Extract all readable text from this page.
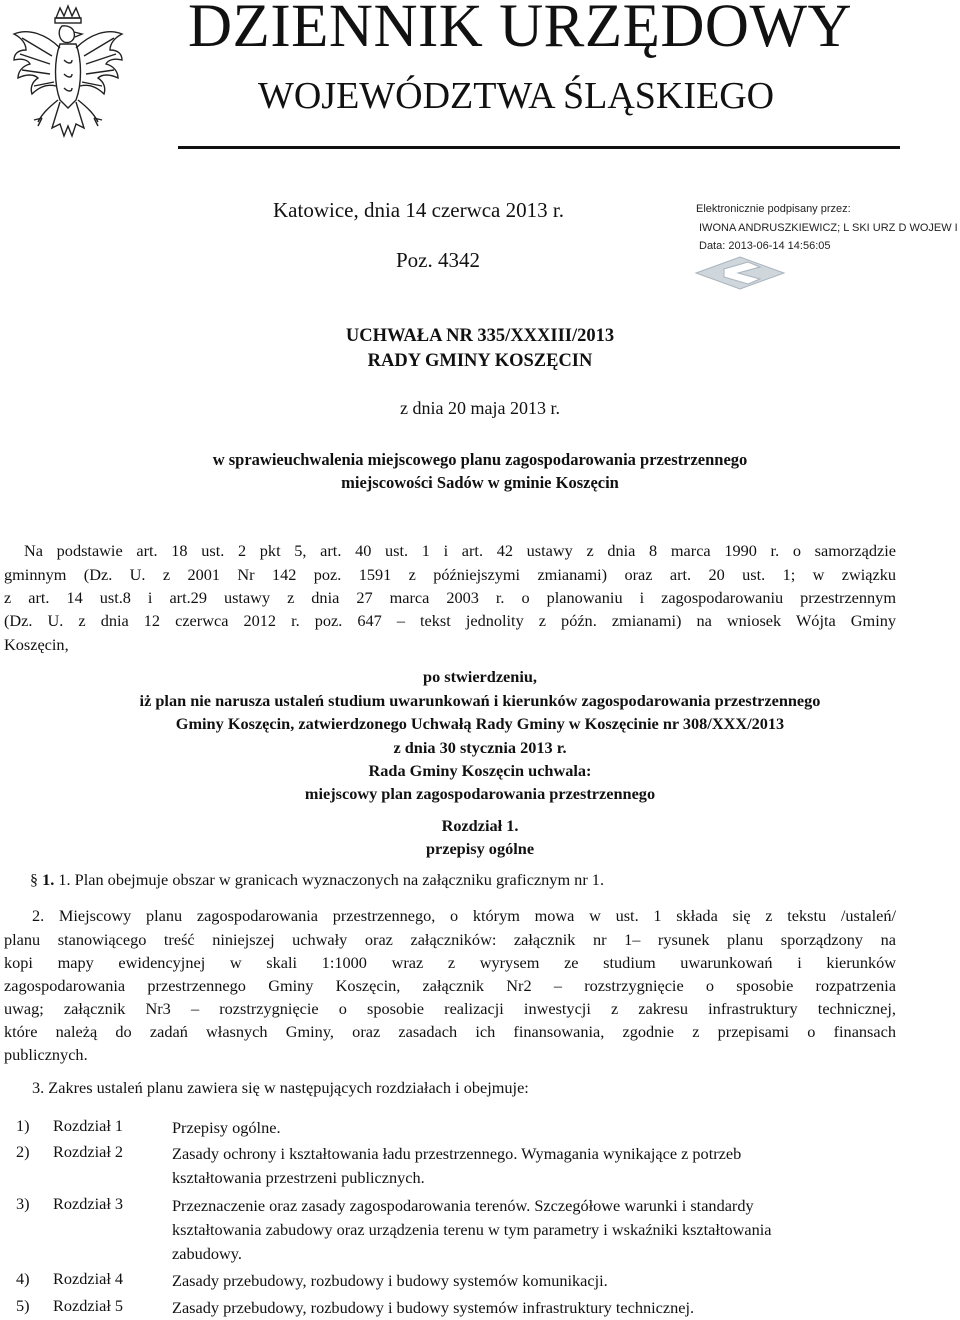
DZIENNIK URZĘDOWY
WOJEWÓDZTWA ŚLĄSKIEGO
Katowice, dnia 14 czerwca 2013 r.
Poz. 4342
Elektronicznie podpisany przez:
IWONA ANDRUSZKIEWICZ; L SKI URZ D WOJEW I
Data: 2013-06-14 14:56:05
UCHWAŁA NR 335/XXXIII/2013
RADY GMINY KOSZĘCIN
z dnia 20 maja 2013 r.
w sprawieuchwalenia miejscowego planu zagospodarowania przestrzennego
miejscowości Sadów w gminie Koszęcin
Na podstawie art. 18 ust. 2 pkt 5, art. 40 ust. 1 i art. 42 ustawy z dnia 8 marca 1990 r. o samorządzie
gminnym (Dz. U. z 2001 Nr 142 poz. 1591 z późniejszymi zmianami) oraz art. 20 ust. 1; w związku
z art. 14 ust.8 i art.29 ustawy z dnia 27 marca 2003 r. o planowaniu i zagospodarowaniu przestrzennym
(Dz. U. z dnia 12 czerwca 2012 r. poz. 647 – tekst jednolity z późn. zmianami) na wniosek Wójta Gminy
Koszęcin,
po stwierdzeniu,
iż plan nie narusza ustaleń studium uwarunkowań i kierunków zagospodarowania przestrzennego
Gminy Koszęcin, zatwierdzonego Uchwałą Rady Gminy w Koszęcinie nr 308/XXX/2013
z dnia 30 stycznia 2013 r.
Rada Gminy Koszęcin uchwala:
miejscowy plan zagospodarowania przestrzennego
Rozdział 1.
przepisy ogólne
§ 1. 1. Plan obejmuje obszar w granicach wyznaczonych na załączniku graficznym nr 1.
2. Miejscowy planu zagospodarowania przestrzennego, o którym mowa w ust. 1 składa się z tekstu /ustaleń/
planu stanowiącego treść niniejszej uchwały oraz załączników: załącznik nr 1– rysunek planu sporządzony na
kopi mapy ewidencyjnej w skali 1:1000 wraz z wyrysem ze studium uwarunkowań i kierunków
zagospodarowania przestrzennego Gminy Koszęcin, załącznik Nr2 – rozstrzygnięcie o sposobie rozpatrzenia
uwag; załącznik Nr3 – rozstrzygnięcie o sposobie realizacji inwestycji z zakresu infrastruktury technicznej,
które należą do zadań własnych Gminy, oraz zasadach ich finansowania, zgodnie z przepisami o finansach
publicznych.
3. Zakres ustaleń planu zawiera się w następujących rozdziałach i obejmuje:
1) Rozdział 1	Przepisy ogólne.
2) Rozdział 2	Zasady ochrony i kształtowania ładu przestrzennego. Wymagania wynikające z potrzeb
kształtowania przestrzeni publicznych.
3) Rozdział 3	Przeznaczenie oraz zasady zagospodarowania terenów. Szczegółowe warunki i standardy
kształtowania zabudowy oraz urządzenia terenu w tym parametry i wskaźniki kształtowania
zabudowy.
4) Rozdział 4	Zasady przebudowy, rozbudowy i budowy systemów komunikacji.
5) Rozdział 5	Zasady przebudowy, rozbudowy i budowy systemów infrastruktury technicznej.
